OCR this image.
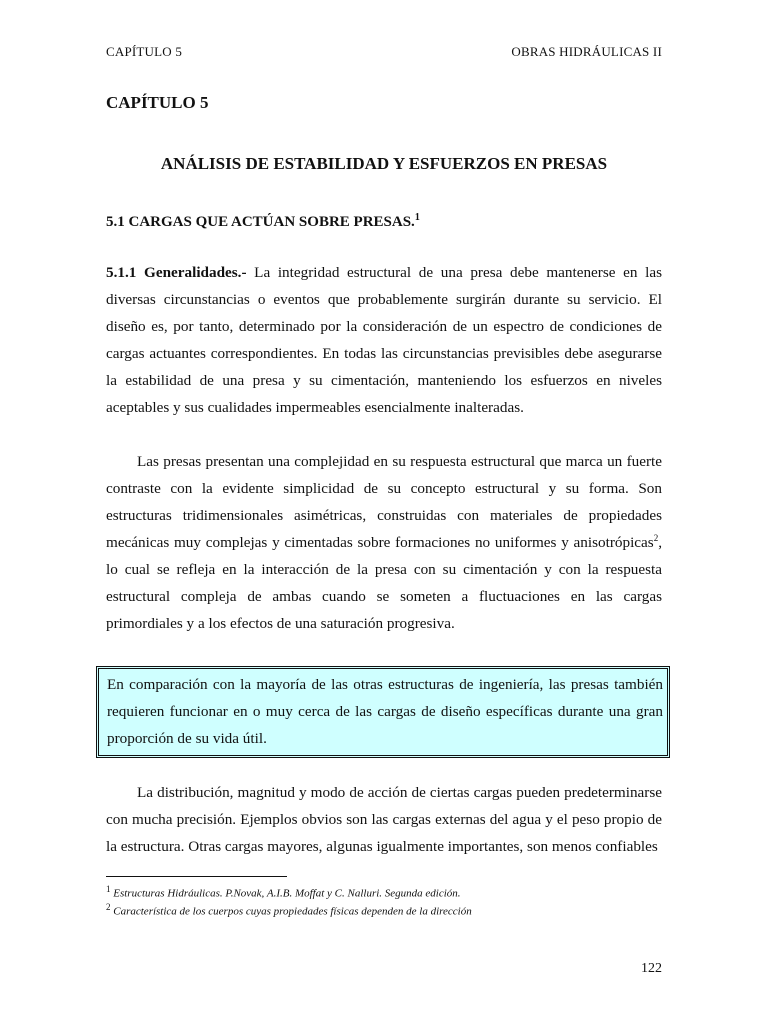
CAPÍTULO 5	OBRAS HIDRÁULICAS II
CAPÍTULO 5
ANÁLISIS DE ESTABILIDAD Y ESFUERZOS EN PRESAS
5.1 CARGAS QUE ACTÚAN SOBRE PRESAS.$^1$

5.1.1 Generalidades.- La integridad estructural de una presa debe mantenerse en las diversas circunstancias o eventos que probablemente surgirán durante su servicio. El diseño es, por tanto, determinado por la consideración de un espectro de condiciones de cargas actuantes correspondientes. En todas las circunstancias previsibles debe asegurarse la estabilidad de una presa y su cimentación, manteniendo los esfuerzos en niveles aceptables y sus cualidades impermeables esencialmente inalteradas.

Las presas presentan una complejidad en su respuesta estructural que marca un fuerte contraste con la evidente simplicidad de su concepto estructural y su forma. Son estructuras tridimensionales asimétricas, construidas con materiales de propiedades mecánicas muy complejas y cimentadas sobre formaciones no uniformes y anisotrópicas$^2$, lo cual se refleja en la interacción de la presa con su cimentación y con la respuesta estructural compleja de ambas cuando se someten a fluctuaciones en las cargas primordiales y a los efectos de una saturación progresiva.

En comparación con la mayoría de las otras estructuras de ingeniería, las presas también requieren funcionar en o muy cerca de las cargas de diseño específicas durante una gran proporción de su vida útil.

La distribución, magnitud y modo de acción de ciertas cargas pueden predeterminarse con mucha precisión. Ejemplos obvios son las cargas externas del agua y el peso propio de la estructura. Otras cargas mayores, algunas igualmente importantes, son menos confiables

$^1$ Estructuras Hidráulicas. P.Novak, A.I.B. Moffat y C. Nalluri. Segunda edición.
$^2$ Característica de los cuerpos cuyas propiedades físicas dependen de la dirección
122
